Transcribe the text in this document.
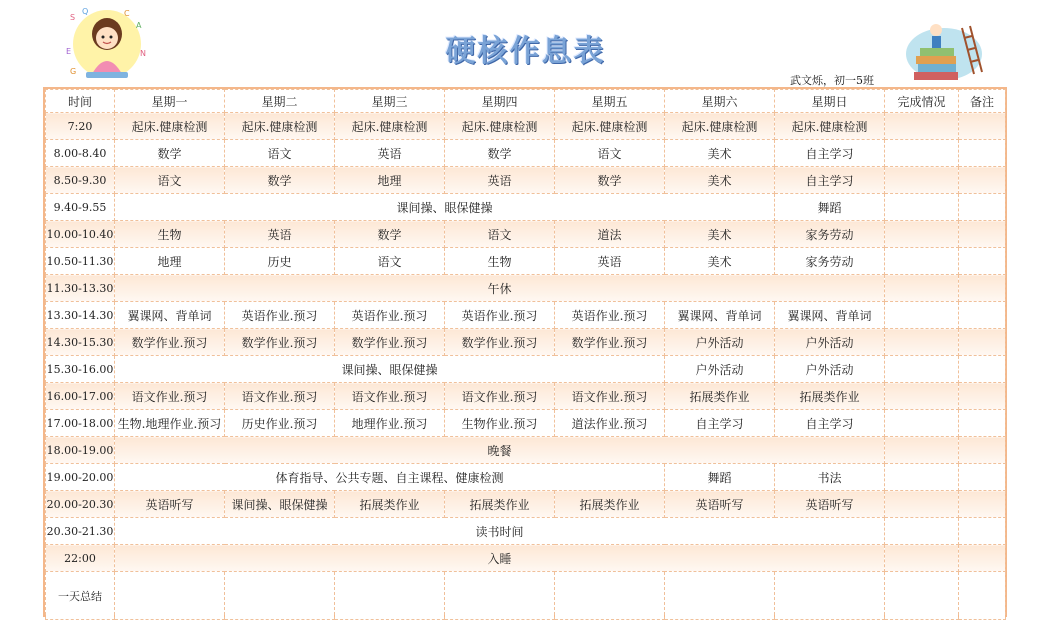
S
Q	C
A
E	N
G
硬核作息表
武文烁，初一5班
时间	星期一	星期二	星期三	星期四	星期五	星期六	星期日	完成情况	备注
7:20	起床.健康检测	起床.健康检测	起床.健康检测	起床.健康检测	起床.健康检测	起床.健康检测	起床.健康检测		
8.00-8.40	数学	语文	英语	数学	语文	美术	自主学习		
8.50-9.30	语文	数学	地理	英语	数学	美术	自主学习		
9.40-9.55	课间操、眼保健操						舞蹈		
10.00-10.40	生物	英语	数学	语文	道法	美术	家务劳动		
10.50-11.30	地理	历史	语文	生物	英语	美术	家务劳动		
11.30-13.30	午休								
13.30-14.30	翼课网、背单词	英语作业.预习	英语作业.预习	英语作业.预习	英语作业.预习	翼课网、背单词	翼课网、背单词		
14.30-15.30	数学作业.预习	数学作业.预习	数学作业.预习	数学作业.预习	数学作业.预习	户外活动	户外活动		
15.30-16.00	课间操、眼保健操					户外活动	户外活动		
16.00-17.00	语文作业.预习	语文作业.预习	语文作业.预习	语文作业.预习	语文作业.预习	拓展类作业	拓展类作业		
17.00-18.00	生物.地理作业.预习	历史作业.预习	地理作业.预习	生物作业.预习	道法作业.预习	自主学习	自主学习		
18.00-19.00	晚餐								
19.00-20.00	体育指导、公共专题、自主课程、健康检测					舞蹈	书法		
20.00-20.30	英语听写	课间操、眼保健操	拓展类作业	拓展类作业	拓展类作业	英语听写	英语听写		
20.30-21.30	读书时间								
22:00	入睡								
一天总结									
